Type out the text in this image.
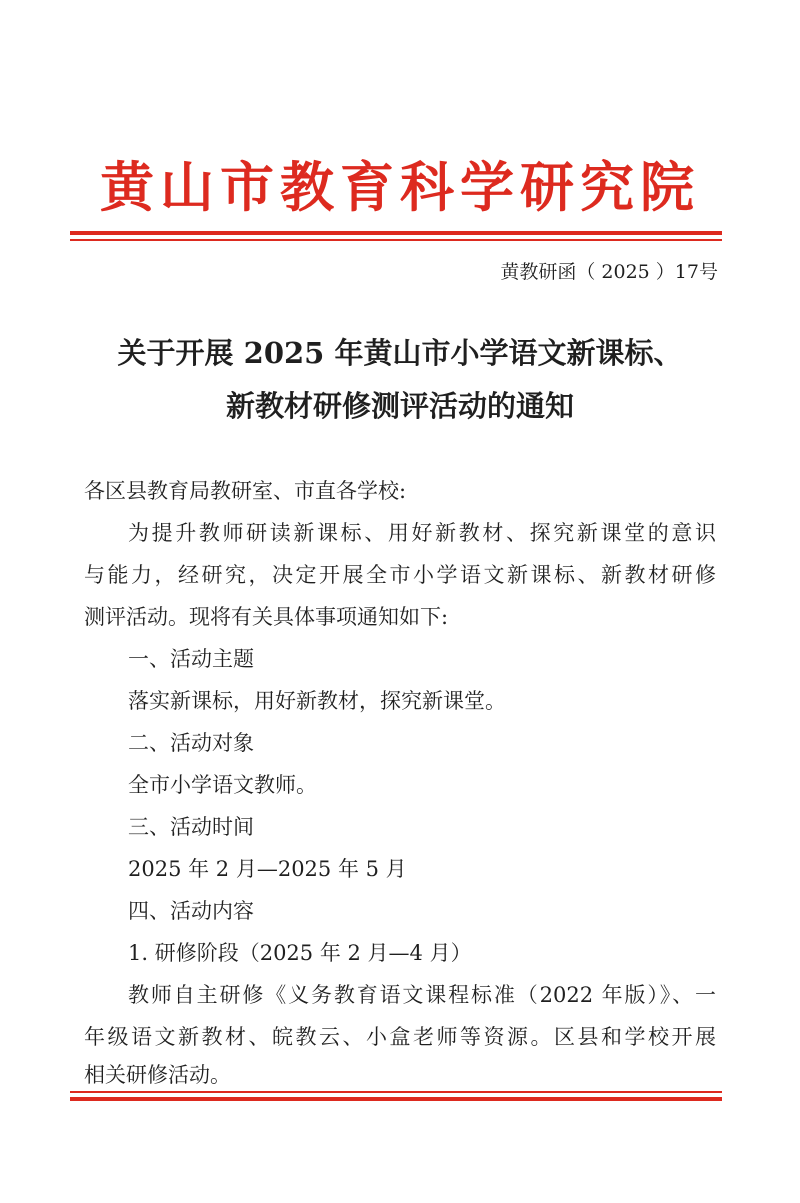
黄山市教育科学研究院
黄教研函（ 2025 ）17号
关于开展 2025 年黄山市小学语文新课标、
新教材研修测评活动的通知
各区县教育局教研室、市直各学校:
为提升教师研读新课标、用好新教材、探究新课堂的意识
与能力，经研究，决定开展全市小学语文新课标、新教材研修
测评活动。现将有关具体事项通知如下:
一、活动主题
落实新课标，用好新教材，探究新课堂。
二、活动对象
全市小学语文教师。
三、活动时间
2025 年 2 月—2025 年 5 月
四、活动内容
1. 研修阶段（2025 年 2 月—4 月）
教师自主研修《义务教育语文课程标准（2022 年版）》、一
年级语文新教材、皖教云、小盒老师等资源。区县和学校开展
相关研修活动。
